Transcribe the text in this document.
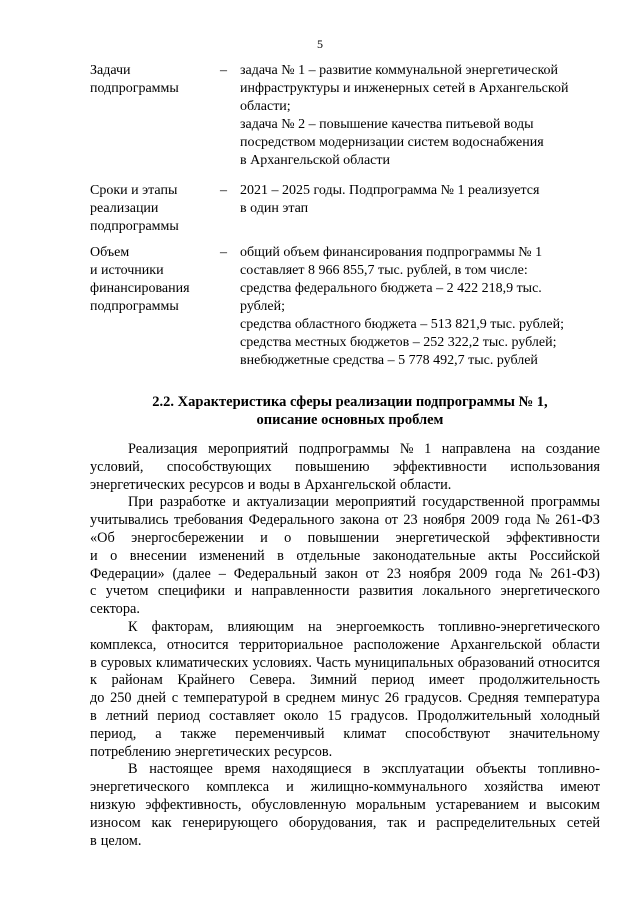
5
Задачи
подпрограммы
– задача № 1 – развитие коммунальной энергетической
инфраструктуры и инженерных сетей в Архангельской
области;
задача № 2 – повышение качества питьевой воды
посредством модернизации систем водоснабжения
в Архангельской области
Сроки и этапы
реализации
подпрограммы
– 2021 – 2025 годы. Подпрограмма № 1 реализуется
в один этап
Объем
и источники
финансирования
подпрограммы
– общий объем финансирования подпрограммы № 1
составляет 8 966 855,7 тыс. рублей, в том числе:
средства федерального бюджета – 2 422 218,9 тыс.
рублей;
средства областного бюджета – 513 821,9 тыс. рублей;
средства местных бюджетов – 252 322,2 тыс. рублей;
внебюджетные средства – 5 778 492,7 тыс. рублей
2.2. Характеристика сферы реализации подпрограммы № 1,
описание основных проблем
Реализация мероприятий подпрограммы № 1 направлена на создание
условий, способствующих повышению эффективности использования
энергетических ресурсов и воды в Архангельской области.
При разработке и актуализации мероприятий государственной программы
учитывались требования Федерального закона от 23 ноября 2009 года № 261-ФЗ
«Об энергосбережении и о повышении энергетической эффективности
и о внесении изменений в отдельные законодательные акты Российской
Федерации» (далее – Федеральный закон от 23 ноября 2009 года № 261-ФЗ)
с учетом специфики и направленности развития локального энергетического
сектора.
К факторам, влияющим на энергоемкость топливно-энергетического
комплекса, относится территориальное расположение Архангельской области
в суровых климатических условиях. Часть муниципальных образований относится
к районам Крайнего Севера. Зимний период имеет продолжительность
до 250 дней с температурой в среднем минус 26 градусов. Средняя температура
в летний период составляет около 15 градусов. Продолжительный холодный
период, а также переменчивый климат способствуют значительному
потреблению энергетических ресурсов.
В настоящее время находящиеся в эксплуатации объекты топливно-
энергетического комплекса и жилищно-коммунального хозяйства имеют
низкую эффективность, обусловленную моральным устареванием и высоким
износом как генерирующего оборудования, так и распределительных сетей
в целом.
